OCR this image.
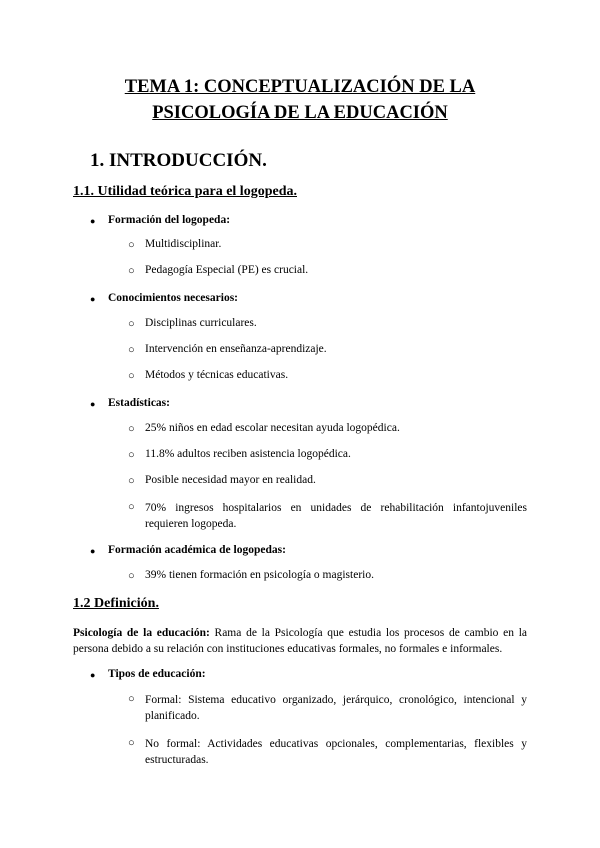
TEMA 1: CONCEPTUALIZACIÓN DE LA
PSICOLOGÍA DE LA EDUCACIÓN
1. INTRODUCCIÓN.
1.1. Utilidad teórica para el logopeda.
● Formación del logopeda:
○ Multidisciplinar.
○ Pedagogía Especial (PE) es crucial.
● Conocimientos necesarios:
○ Disciplinas curriculares.
○ Intervención en enseñanza-aprendizaje.
○ Métodos y técnicas educativas.
● Estadísticas:
○ 25% niños en edad escolar necesitan ayuda logopédica.
○ 11.8% adultos reciben asistencia logopédica.
○ Posible necesidad mayor en realidad.
○ 70% ingresos hospitalarios en unidades de rehabilitación infantojuveniles requieren logopeda.
● Formación académica de logopedas:
○ 39% tienen formación en psicología o magisterio.
1.2 Definición.
Psicología de la educación: Rama de la Psicología que estudia los procesos de cambio en la persona debido a su relación con instituciones educativas formales, no formales e informales.
● Tipos de educación:
○ Formal: Sistema educativo organizado, jerárquico, cronológico, intencional y planificado.
○ No formal: Actividades educativas opcionales, complementarias, flexibles y estructuradas.
